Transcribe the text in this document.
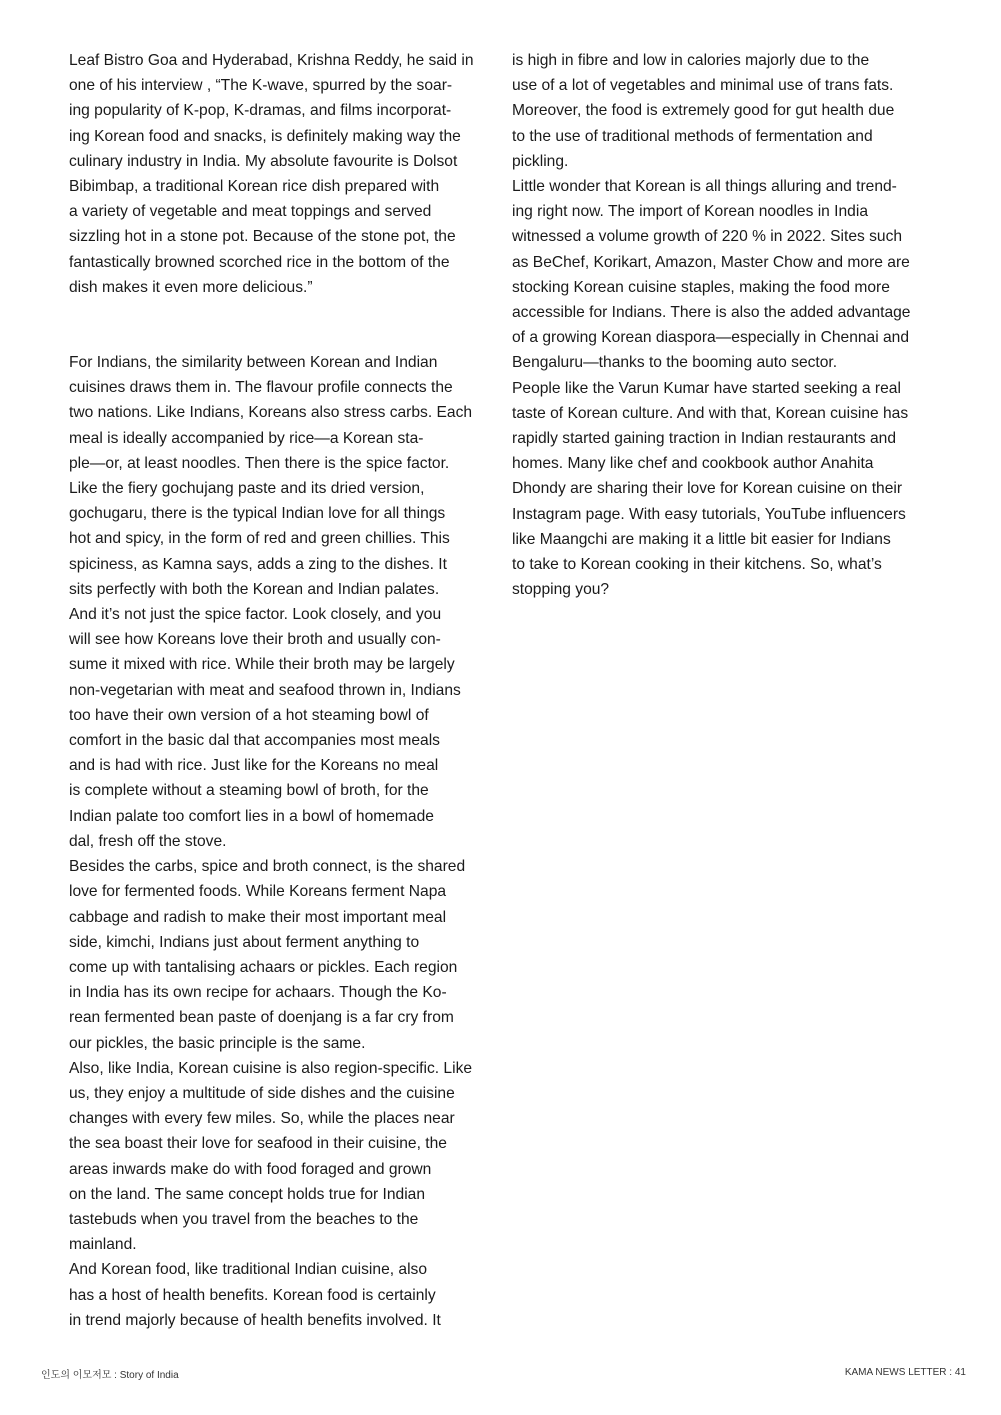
Leaf Bistro Goa and Hyderabad, Krishna Reddy, he said in
one of his interview , “The K-wave, spurred by the soar-
ing popularity of K-pop, K-dramas, and films incorporat-
ing Korean food and snacks, is definitely making way the
culinary industry in India. My absolute favourite is Dolsot
Bibimbap, a traditional Korean rice dish prepared with
a variety of vegetable and meat toppings and served
sizzling hot in a stone pot. Because of the stone pot, the
fantastically browned scorched rice in the bottom of the
dish makes it even more delicious.”

For Indians, the similarity between Korean and Indian
cuisines draws them in. The flavour profile connects the
two nations. Like Indians, Koreans also stress carbs. Each
meal is ideally accompanied by rice—a Korean sta-
ple—or, at least noodles. Then there is the spice factor.
Like the fiery gochujang paste and its dried version,
gochugaru, there is the typical Indian love for all things
hot and spicy, in the form of red and green chillies. This
spiciness, as Kamna says, adds a zing to the dishes. It
sits perfectly with both the Korean and Indian palates.
And it’s not just the spice factor. Look closely, and you
will see how Koreans love their broth and usually con-
sume it mixed with rice. While their broth may be largely
non-vegetarian with meat and seafood thrown in, Indians
too have their own version of a hot steaming bowl of
comfort in the basic dal that accompanies most meals
and is had with rice. Just like for the Koreans no meal
is complete without a steaming bowl of broth, for the
Indian palate too comfort lies in a bowl of homemade
dal, fresh off the stove.

Besides the carbs, spice and broth connect, is the shared
love for fermented foods. While Koreans ferment Napa
cabbage and radish to make their most important meal
side, kimchi, Indians just about ferment anything to
come up with tantalising achaars or pickles. Each region
in India has its own recipe for achaars. Though the Ko-
rean fermented bean paste of doenjang is a far cry from
our pickles, the basic principle is the same.

Also, like India, Korean cuisine is also region-specific. Like
us, they enjoy a multitude of side dishes and the cuisine
changes with every few miles. So, while the places near
the sea boast their love for seafood in their cuisine, the
areas inwards make do with food foraged and grown
on the land. The same concept holds true for Indian
tastebuds when you travel from the beaches to the
mainland.

And Korean food, like traditional Indian cuisine, also
has a host of health benefits. Korean food is certainly
in trend majorly because of health benefits involved. It

is high in fibre and low in calories majorly due to the
use of a lot of vegetables and minimal use of trans fats.
Moreover, the food is extremely good for gut health due
to the use of traditional methods of fermentation and
pickling.

Little wonder that Korean is all things alluring and trend-
ing right now. The import of Korean noodles in India
witnessed a volume growth of 220 % in 2022. Sites such
as BeChef, Korikart, Amazon, Master Chow and more are
stocking Korean cuisine staples, making the food more
accessible for Indians. There is also the added advantage
of a growing Korean diaspora—especially in Chennai and
Bengaluru—thanks to the booming auto sector.

People like the Varun Kumar have started seeking a real
taste of Korean culture. And with that, Korean cuisine has
rapidly started gaining traction in Indian restaurants and
homes. Many like chef and cookbook author Anahita
Dhondy are sharing their love for Korean cuisine on their
Instagram page. With easy tutorials, YouTube influencers
like Maangchi are making it a little bit easier for Indians
to take to Korean cooking in their kitchens. So, what’s
stopping you?

인도의 이모저모 : Story of India	KAMA NEWS LETTER : 41
